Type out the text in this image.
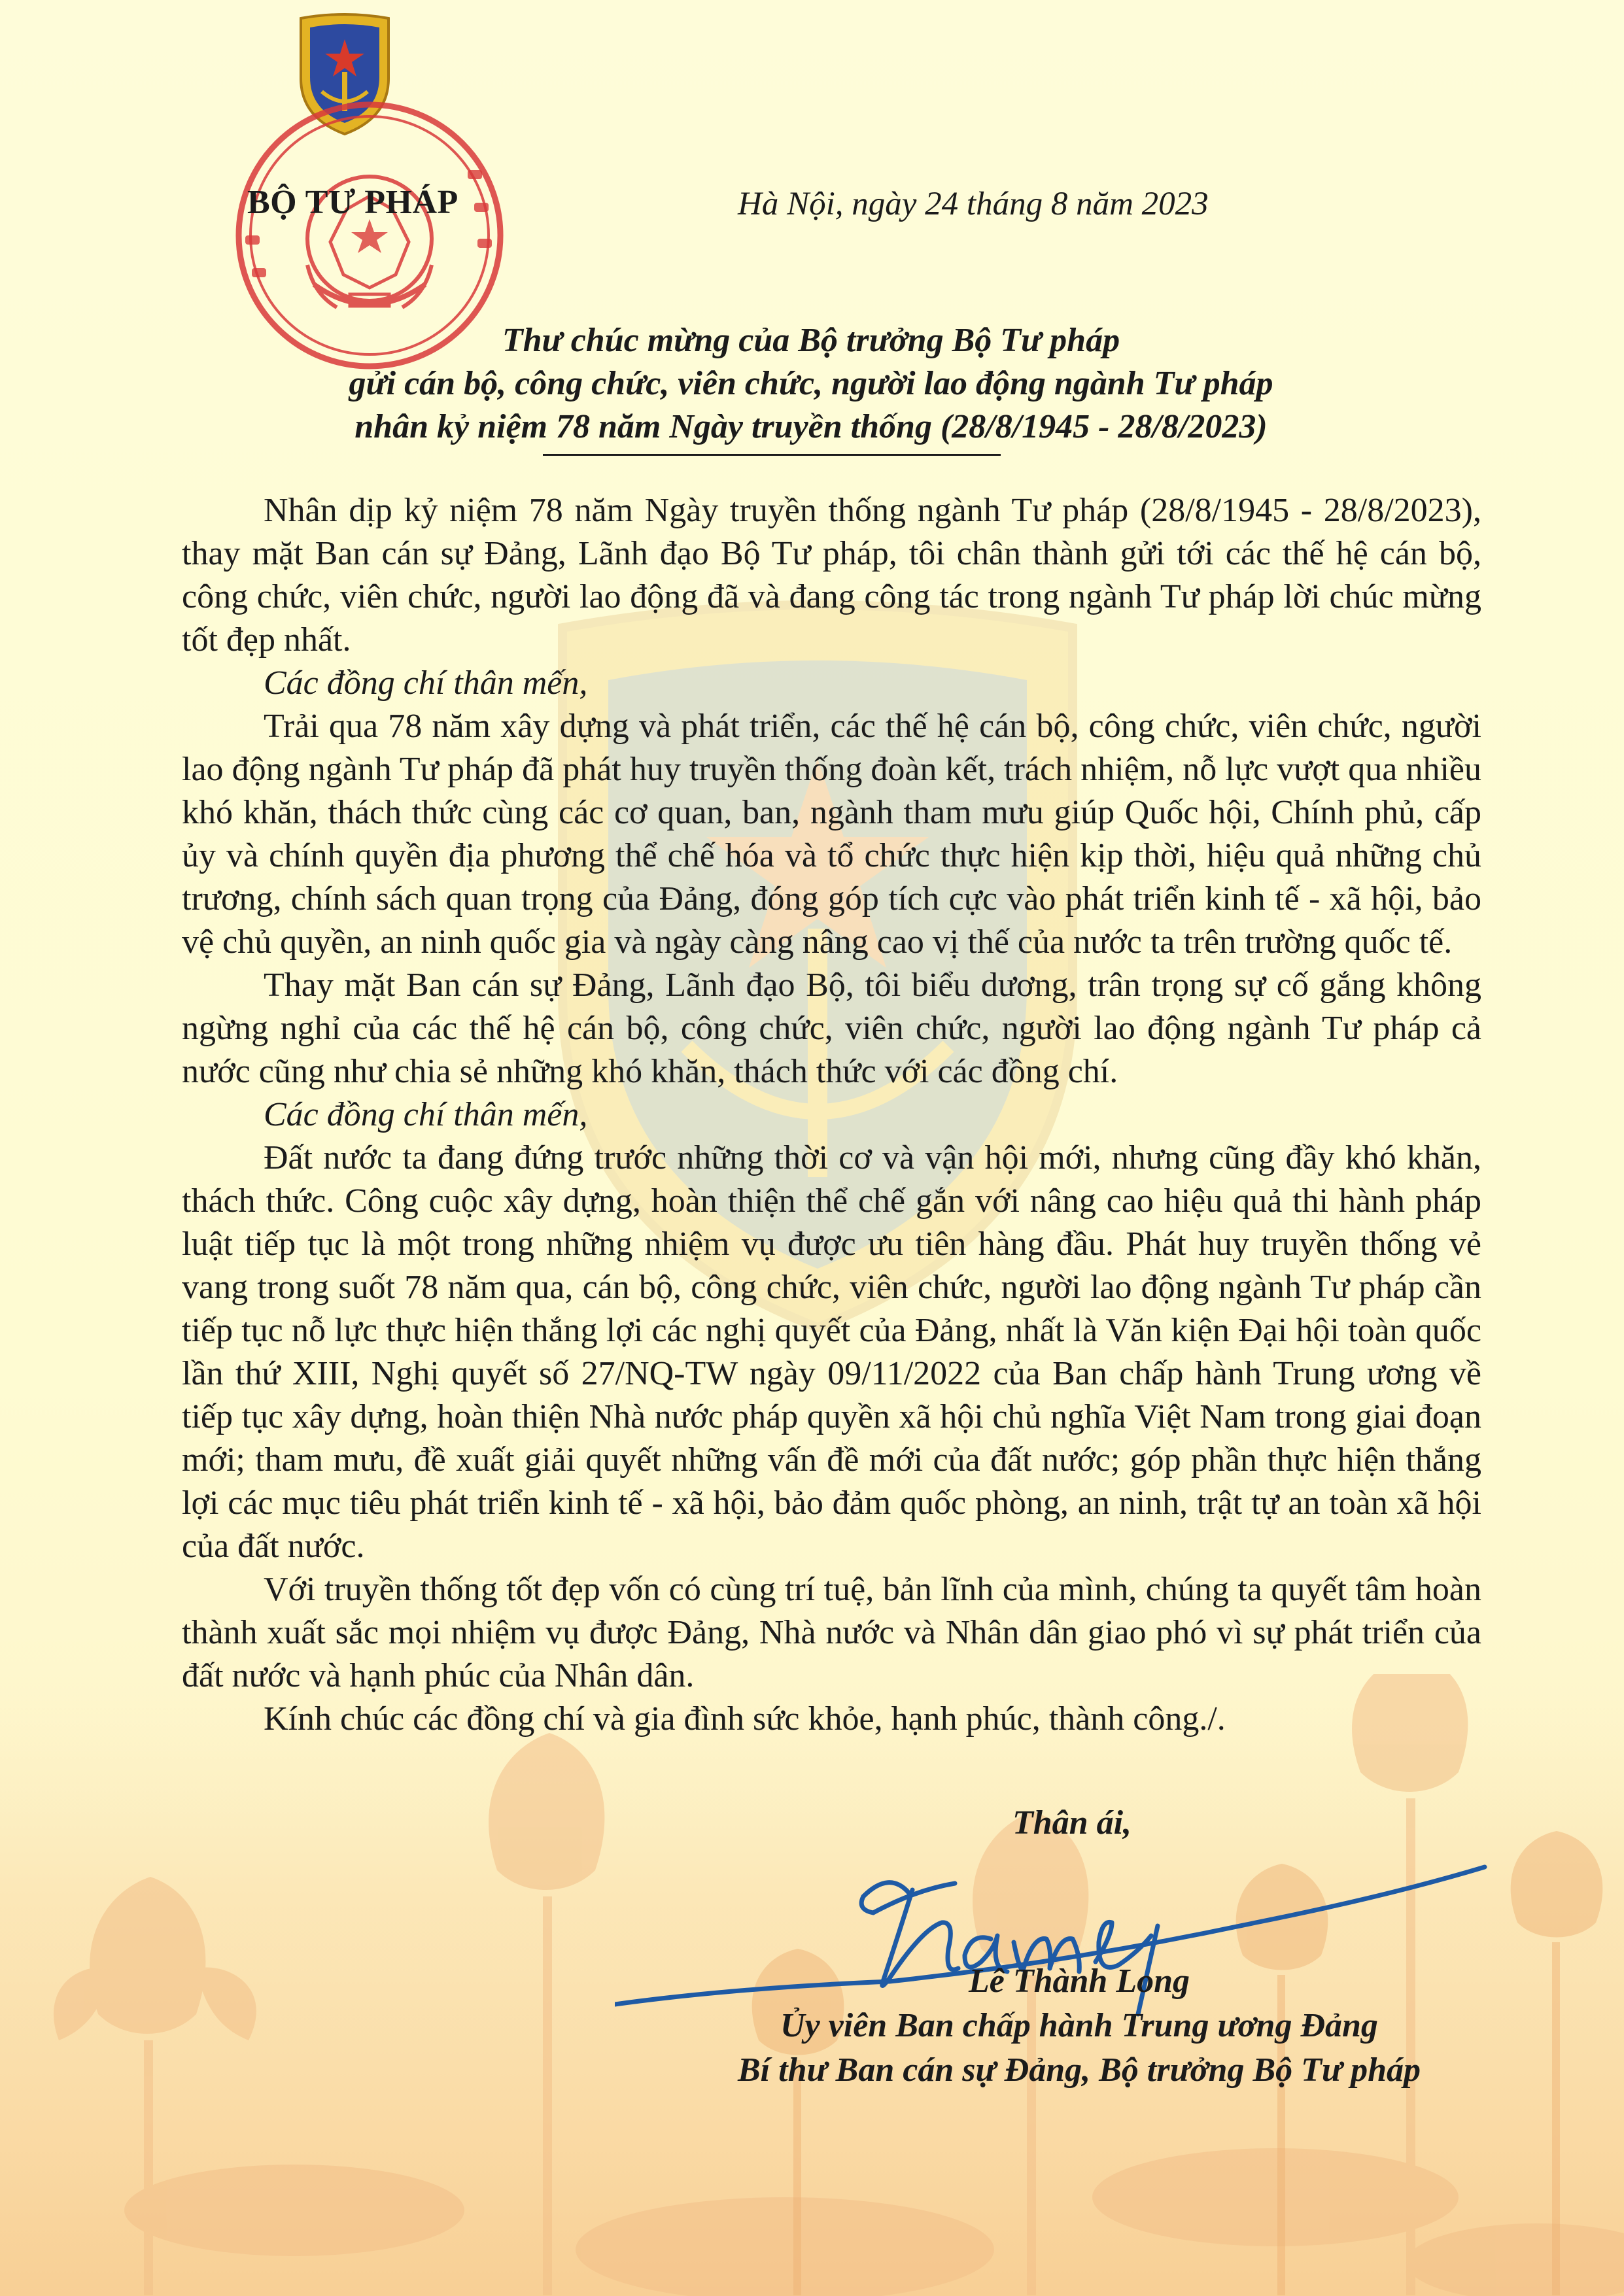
BỘ TƯ PHÁP	Hà Nội, ngày 24 tháng 8 năm 2023
Thư chúc mừng của Bộ trưởng Bộ Tư pháp
gửi cán bộ, công chức, viên chức, người lao động ngành Tư pháp
nhân kỷ niệm 78 năm Ngày truyền thống (28/8/1945 - 28/8/2023)

Nhân dịp kỷ niệm 78 năm Ngày truyền thống ngành Tư pháp (28/8/1945 - 28/8/2023), thay mặt Ban cán sự Đảng, Lãnh đạo Bộ Tư pháp, tôi chân thành gửi tới các thế hệ cán bộ, công chức, viên chức, người lao động đã và đang công tác trong ngành Tư pháp lời chúc mừng tốt đẹp nhất.

Các đồng chí thân mến,

Trải qua 78 năm xây dựng và phát triển, các thế hệ cán bộ, công chức, viên chức, người lao động ngành Tư pháp đã phát huy truyền thống đoàn kết, trách nhiệm, nỗ lực vượt qua nhiều khó khăn, thách thức cùng các cơ quan, ban, ngành tham mưu giúp Quốc hội, Chính phủ, cấp ủy và chính quyền địa phương thể chế hóa và tổ chức thực hiện kịp thời, hiệu quả những chủ trương, chính sách quan trọng của Đảng, đóng góp tích cực vào phát triển kinh tế - xã hội, bảo vệ chủ quyền, an ninh quốc gia và ngày càng nâng cao vị thế của nước ta trên trường quốc tế.

Thay mặt Ban cán sự Đảng, Lãnh đạo Bộ, tôi biểu dương, trân trọng sự cố gắng không ngừng nghỉ của các thế hệ cán bộ, công chức, viên chức, người lao động ngành Tư pháp cả nước cũng như chia sẻ những khó khăn, thách thức với các đồng chí.

Các đồng chí thân mến,

Đất nước ta đang đứng trước những thời cơ và vận hội mới, nhưng cũng đầy khó khăn, thách thức. Công cuộc xây dựng, hoàn thiện thể chế gắn với nâng cao hiệu quả thi hành pháp luật tiếp tục là một trong những nhiệm vụ được ưu tiên hàng đầu. Phát huy truyền thống vẻ vang trong suốt 78 năm qua, cán bộ, công chức, viên chức, người lao động ngành Tư pháp cần tiếp tục nỗ lực thực hiện thắng lợi các nghị quyết của Đảng, nhất là Văn kiện Đại hội toàn quốc lần thứ XIII, Nghị quyết số 27/NQ-TW ngày 09/11/2022 của Ban chấp hành Trung ương về tiếp tục xây dựng, hoàn thiện Nhà nước pháp quyền xã hội chủ nghĩa Việt Nam trong giai đoạn mới; tham mưu, đề xuất giải quyết những vấn đề mới của đất nước; góp phần thực hiện thắng lợi các mục tiêu phát triển kinh tế - xã hội, bảo đảm quốc phòng, an ninh, trật tự an toàn xã hội của đất nước.

Với truyền thống tốt đẹp vốn có cùng trí tuệ, bản lĩnh của mình, chúng ta quyết tâm hoàn thành xuất sắc mọi nhiệm vụ được Đảng, Nhà nước và Nhân dân giao phó vì sự phát triển của đất nước và hạnh phúc của Nhân dân.

Kính chúc các đồng chí và gia đình sức khỏe, hạnh phúc, thành công./.

Thân ái,
Lê Thành Long
Ủy viên Ban chấp hành Trung ương Đảng
Bí thư Ban cán sự Đảng, Bộ trưởng Bộ Tư pháp
